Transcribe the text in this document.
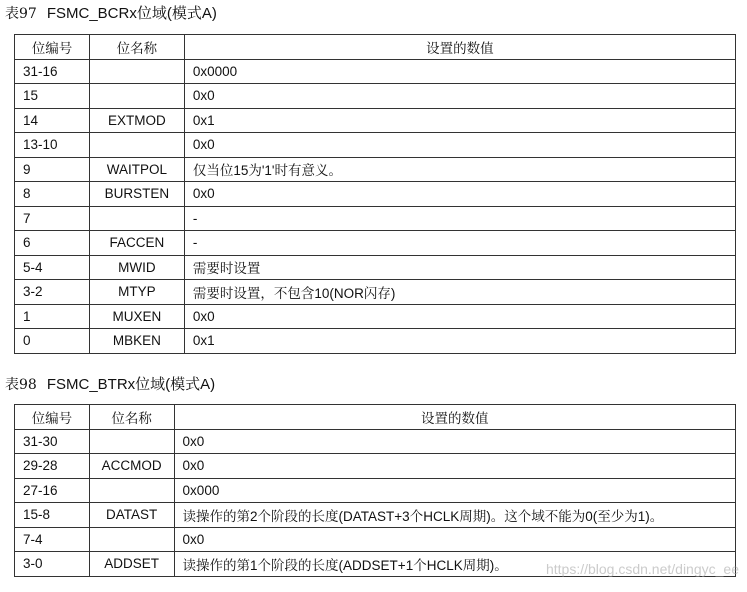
表97 FSMC_BCRx位域(模式A)
位编号	位名称	设置的数值
31-16		0x0000
15		0x0
14	EXTMOD	0x1
13-10		0x0
9	WAITPOL	仅当位15为'1'时有意义。
8	BURSTEN	0x0
7		-
6	FACCEN	-
5-4	MWID	需要时设置
3-2	MTYP	需要时设置，不包含10(NOR闪存)
1	MUXEN	0x0
0	MBKEN	0x1
表98 FSMC_BTRx位域(模式A)
位编号	位名称	设置的数值
31-30		0x0
29-28	ACCMOD	0x0
27-16		0x000
15-8	DATAST	读操作的第2个阶段的长度(DATAST+3个HCLK周期)。这个域不能为0(至少为1)。
7-4		0x0
3-0	ADDSET	读操作的第1个阶段的长度(ADDSET+1个HCLK周期)。	https://blog.csdn.net/dingyc_ee
